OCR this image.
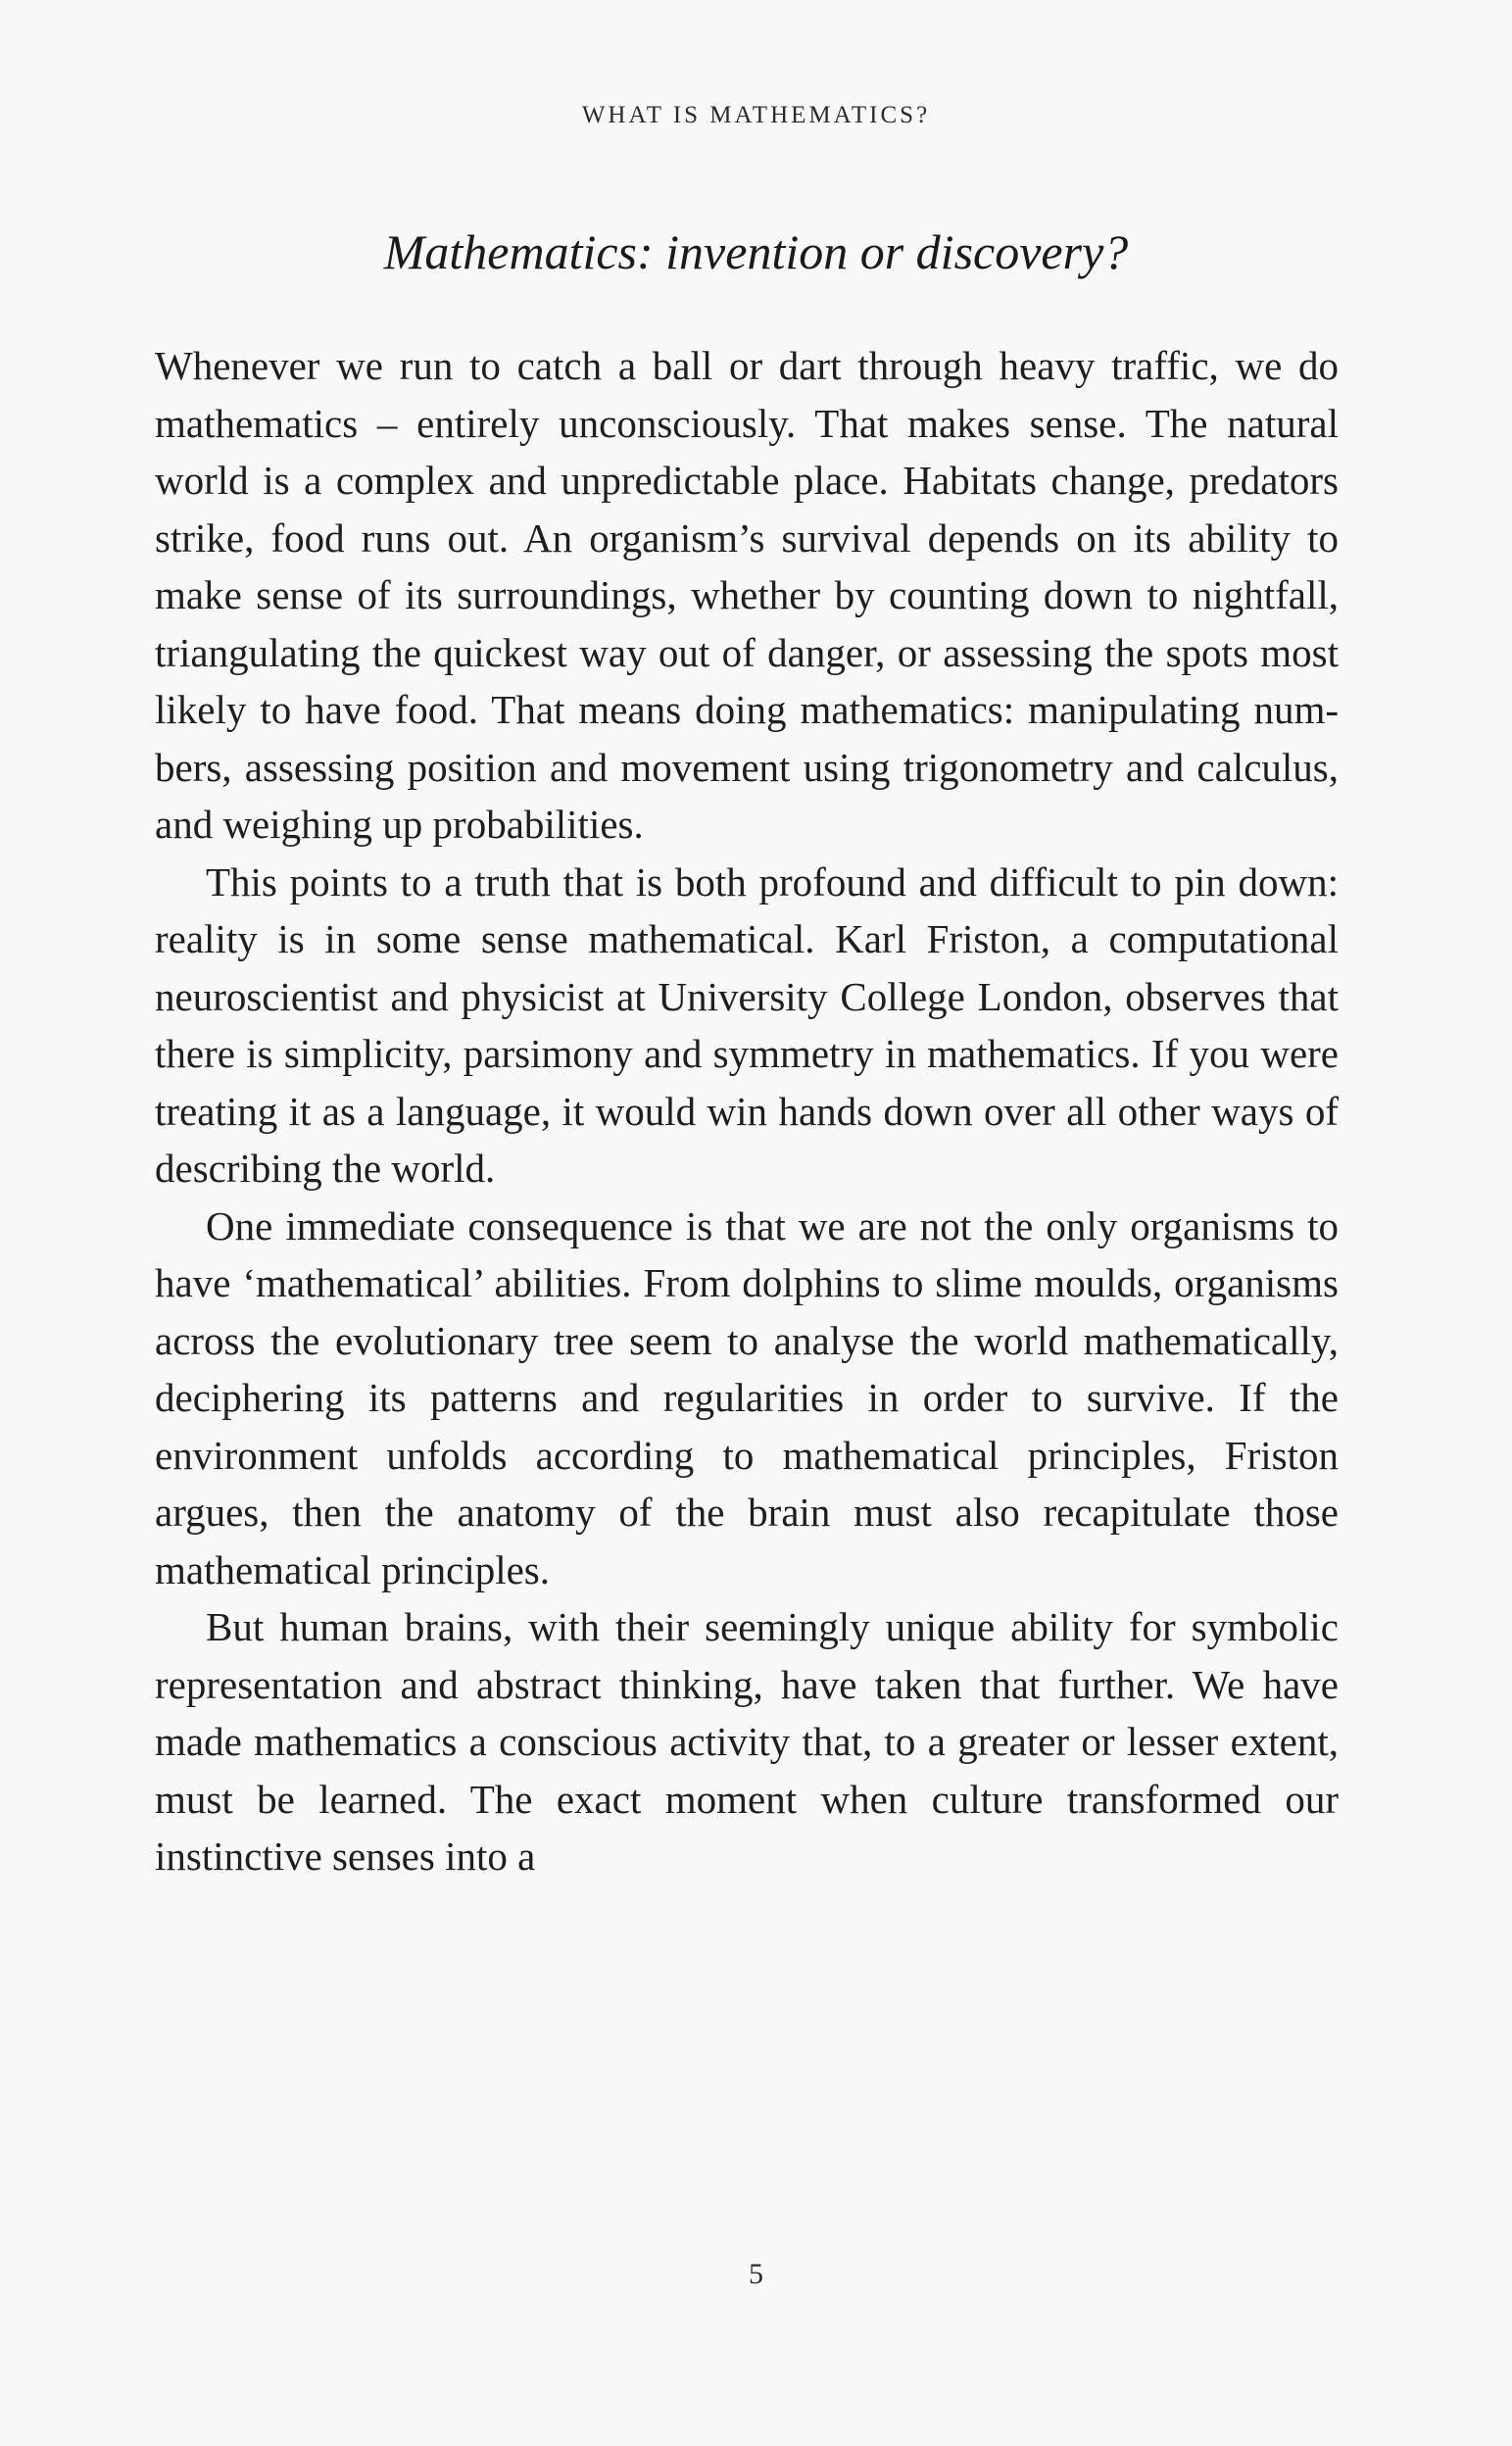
WHAT IS MATHEMATICS?
Mathematics: invention or discovery?

Whenever we run to catch a ball or dart through heavy traffic, we do mathematics – entirely unconsciously. That makes sense. The natural world is a complex and unpredictable place. Habitats change, predators strike, food runs out. An organism’s survival depends on its ability to make sense of its surroundings, whether by counting down to nightfall, triangulating the quickest way out of danger, or assessing the spots most likely to have food. That means doing mathematics: manipulating numbers, assessing position and movement using trigonometry and calculus, and weighing up probabilities.

This points to a truth that is both profound and difficult to pin down: reality is in some sense mathematical. Karl Friston, a computational neuroscientist and physicist at University College London, observes that there is simplicity, parsimony and symmetry in mathematics. If you were treating it as a language, it would win hands down over all other ways of describing the world.

One immediate consequence is that we are not the only organisms to have ‘mathematical’ abilities. From dolphins to slime moulds, organisms across the evolutionary tree seem to analyse the world mathematically, deciphering its patterns and regularities in order to survive. If the environment unfolds according to mathematical principles, Friston argues, then the anatomy of the brain must also recapitulate those mathematical principles.

But human brains, with their seemingly unique ability for symbolic representation and abstract thinking, have taken that further. We have made mathematics a conscious activity that, to a greater or lesser extent, must be learned. The exact moment when culture transformed our instinctive senses into a

5
